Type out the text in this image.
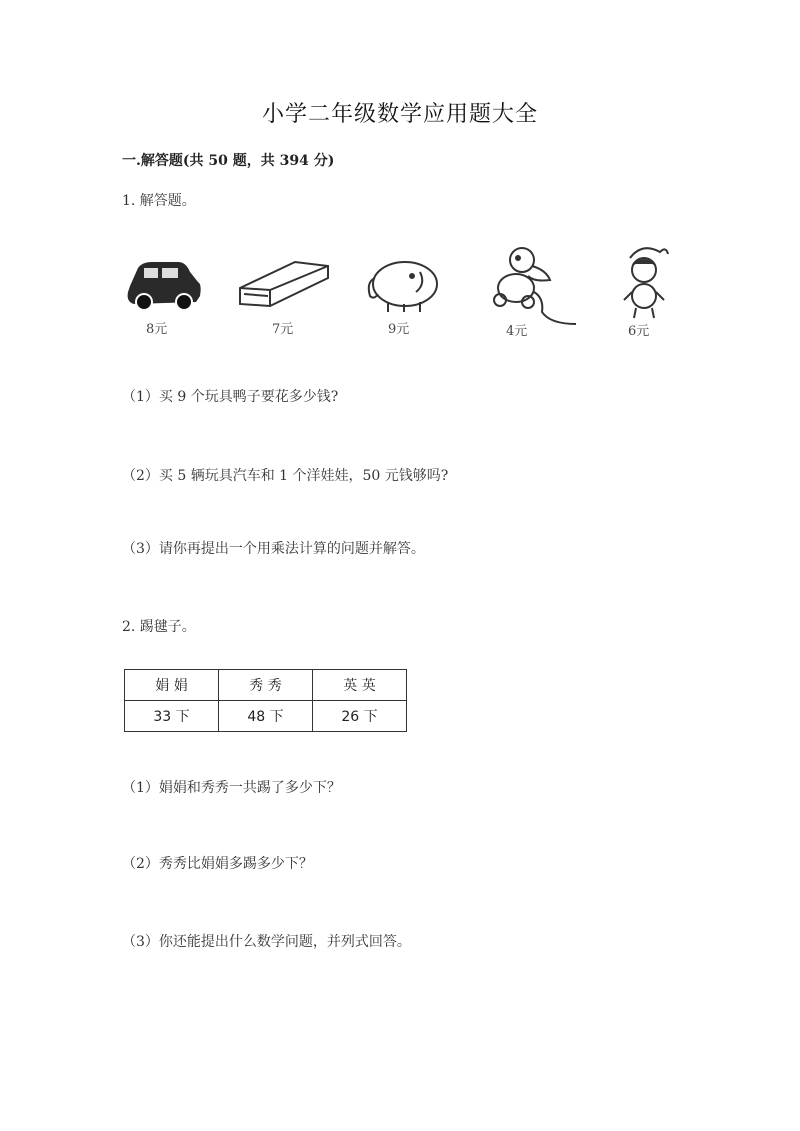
小学二年级数学应用题大全
一.解答题(共 50 题，共 394 分)
1. 解答题。
8元	7元	9元	4元	6元
（1）买 9 个玩具鸭子要花多少钱?
（2）买 5 辆玩具汽车和 1 个洋娃娃，50 元钱够吗?
（3）请你再提出一个用乘法计算的问题并解答。
2. 踢毽子。
娟 娟	秀 秀	英 英
33 下	48 下	26 下
（1）娟娟和秀秀一共踢了多少下？
（2）秀秀比娟娟多踢多少下？
（3）你还能提出什么数学问题，并列式回答。
